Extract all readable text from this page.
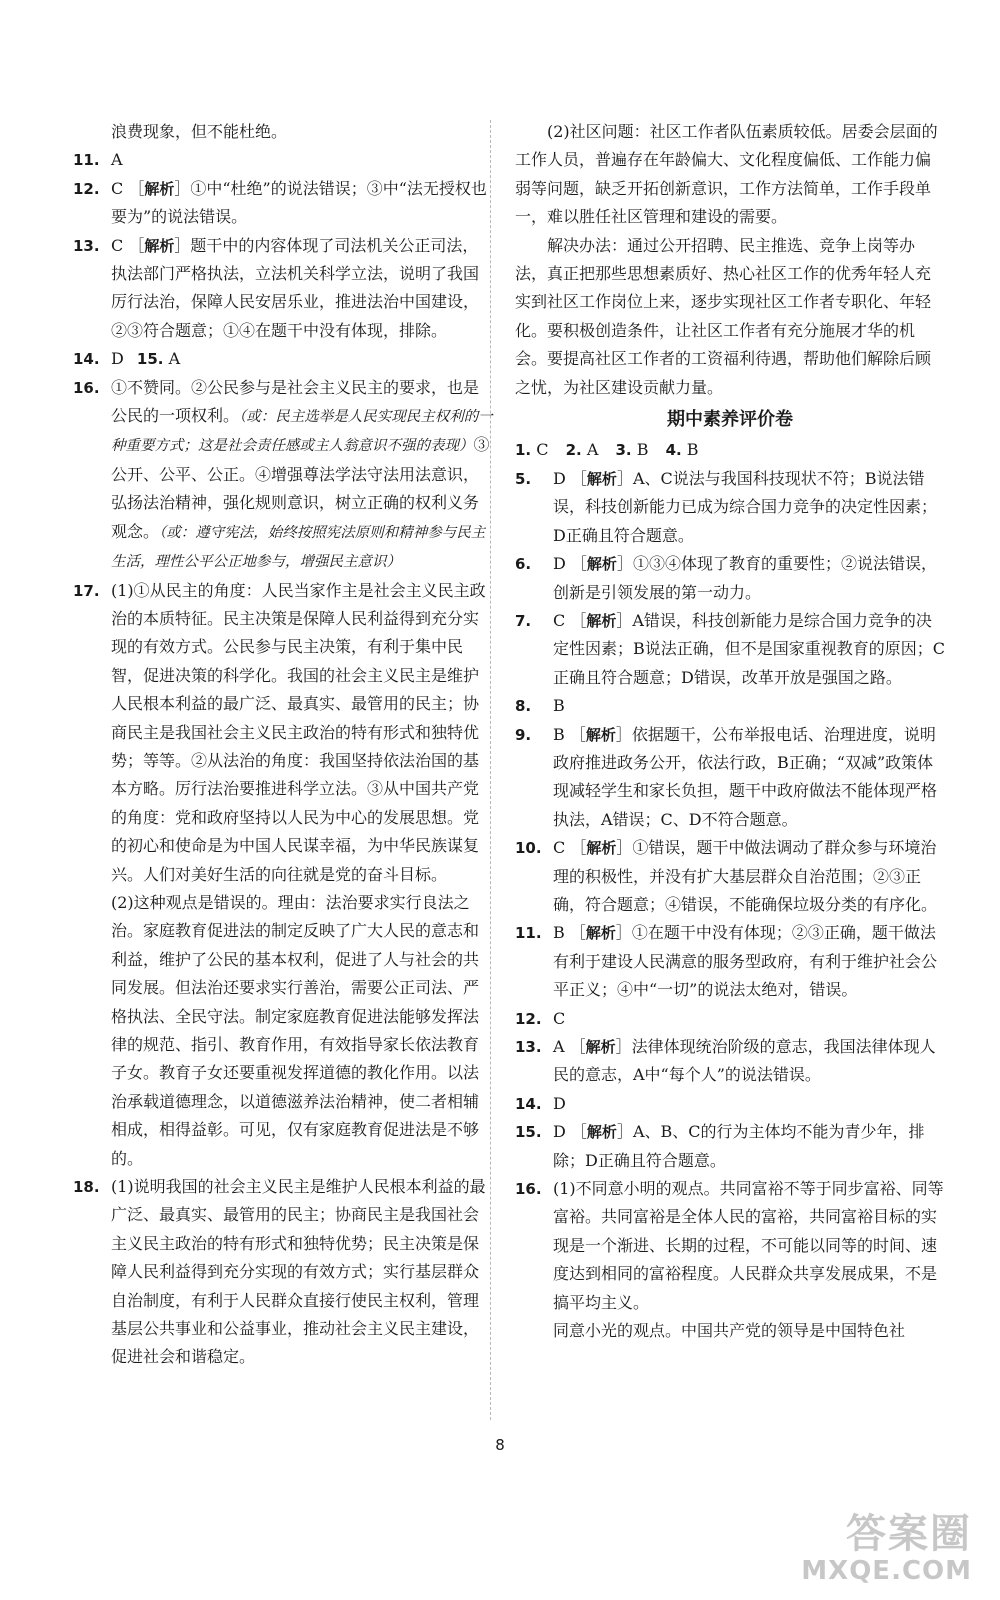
浪费现象，但不能杜绝。
11. A
12. C ［解析］①中“杜绝”的说法错误；③中“法无授权也要为”的说法错误。
13. C ［解析］题干中的内容体现了司法机关公正司法，执法部门严格执法，立法机关科学立法，说明了我国厉行法治，保障人民安居乐业，推进法治中国建设，②③符合题意；①④在题干中没有体现，排除。
14. D 15. A
16. ①不赞同。②公民参与是社会主义民主的要求，也是公民的一项权利。（或：民主选举是人民实现民主权利的一种重要方式；这是社会责任感或主人翁意识不强的表现）③公开、公平、公正。④增强尊法学法守法用法意识，弘扬法治精神，强化规则意识，树立正确的权利义务观念。（或：遵守宪法，始终按照宪法原则和精神参与民主生活，理性公平公正地参与，增强民主意识）
17. (1)①从民主的角度：人民当家作主是社会主义民主政治的本质特征。民主决策是保障人民利益得到充分实现的有效方式。公民参与民主决策，有利于集中民智，促进决策的科学化。我国的社会主义民主是维护人民根本利益的最广泛、最真实、最管用的民主；协商民主是我国社会主义民主政治的特有形式和独特优势；等等。②从法治的角度：我国坚持依法治国的基本方略。厉行法治要推进科学立法。③从中国共产党的角度：党和政府坚持以人民为中心的发展思想。党的初心和使命是为中国人民谋幸福，为中华民族谋复兴。人们对美好生活的向往就是党的奋斗目标。
(2)这种观点是错误的。理由：法治要求实行良法之治。家庭教育促进法的制定反映了广大人民的意志和利益，维护了公民的基本权利，促进了人与社会的共同发展。但法治还要求实行善治，需要公正司法、严格执法、全民守法。制定家庭教育促进法能够发挥法律的规范、指引、教育作用，有效指导家长依法教育子女。教育子女还要重视发挥道德的教化作用。以法治承载道德理念，以道德滋养法治精神，使二者相辅相成，相得益彰。可见，仅有家庭教育促进法是不够的。
18. (1)说明我国的社会主义民主是维护人民根本利益的最广泛、最真实、最管用的民主；协商民主是我国社会主义民主政治的特有形式和独特优势；民主决策是保障人民利益得到充分实现的有效方式；实行基层群众自治制度，有利于人民群众直接行使民主权利，管理基层公共事业和公益事业，推动社会主义民主建设，促进社会和谐稳定。
(2)社区问题：社区工作者队伍素质较低。居委会层面的工作人员，普遍存在年龄偏大、文化程度偏低、工作能力偏弱等问题，缺乏开拓创新意识，工作方法简单，工作手段单一，难以胜任社区管理和建设的需要。
解决办法：通过公开招聘、民主推选、竞争上岗等办法，真正把那些思想素质好、热心社区工作的优秀年轻人充实到社区工作岗位上来，逐步实现社区工作者专职化、年轻化。要积极创造条件，让社区工作者有充分施展才华的机会。要提高社区工作者的工资福利待遇，帮助他们解除后顾之忧，为社区建设贡献力量。
期中素养评价卷
1. C 2. A 3. B 4. B
5. D ［解析］A、C说法与我国科技现状不符；B说法错误，科技创新能力已成为综合国力竞争的决定性因素；D正确且符合题意。
6. D ［解析］①③④体现了教育的重要性；②说法错误，创新是引领发展的第一动力。
7. C ［解析］A错误，科技创新能力是综合国力竞争的决定性因素；B说法正确，但不是国家重视教育的原因；C正确且符合题意；D错误，改革开放是强国之路。
8. B
9. B ［解析］依据题干，公布举报电话、治理进度，说明政府推进政务公开，依法行政，B正确；“双减”政策体现减轻学生和家长负担，题干中政府做法不能体现严格执法，A错误；C、D不符合题意。
10. C ［解析］①错误，题干中做法调动了群众参与环境治理的积极性，并没有扩大基层群众自治范围；②③正确，符合题意；④错误，不能确保垃圾分类的有序化。
11. B ［解析］①在题干中没有体现；②③正确，题干做法有利于建设人民满意的服务型政府，有利于维护社会公平正义；④中“一切”的说法太绝对，错误。
12. C
13. A ［解析］法律体现统治阶级的意志，我国法律体现人民的意志，A中“每个人”的说法错误。
14. D
15. D ［解析］A、B、C的行为主体均不能为青少年，排除；D正确且符合题意。
16. (1)不同意小明的观点。共同富裕不等于同步富裕、同等富裕。共同富裕是全体人民的富裕，共同富裕目标的实现是一个渐进、长期的过程，不可能以同等的时间、速度达到相同的富裕程度。人民群众共享发展成果，不是搞平均主义。
同意小光的观点。中国共产党的领导是中国特色社
8
答案圈
MXQE.COM
